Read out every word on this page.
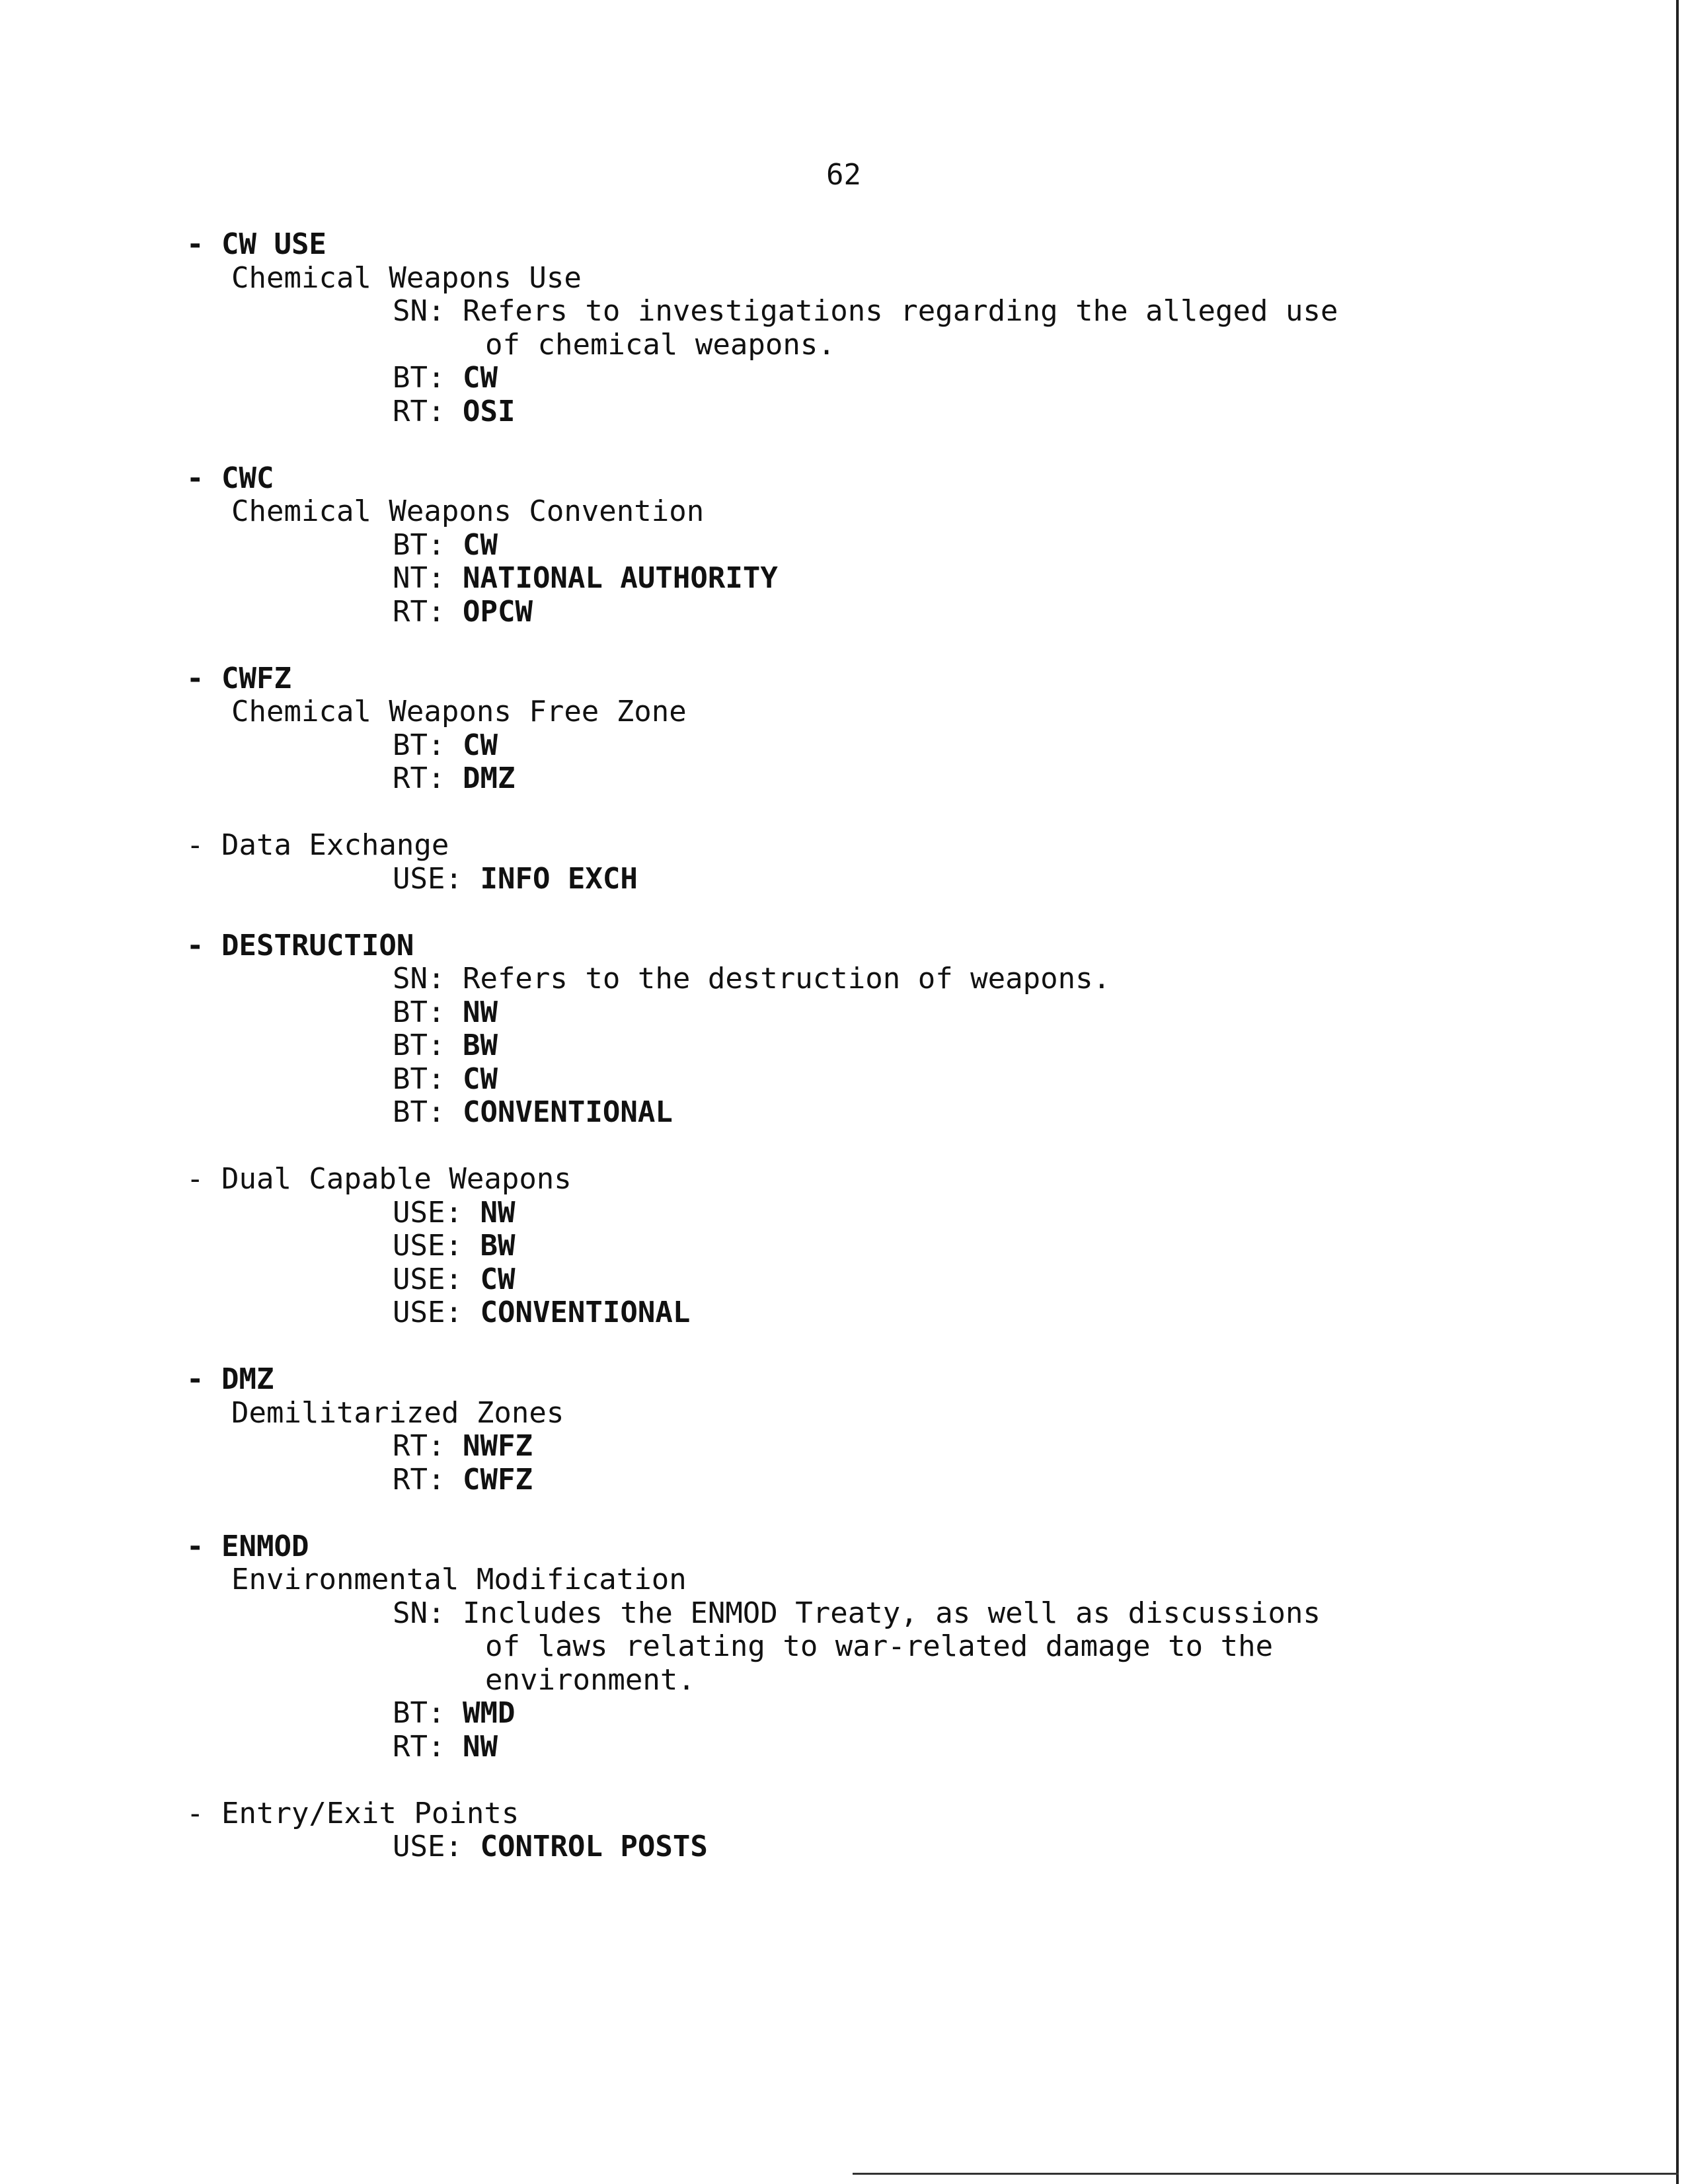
62
- CW USE
Chemical Weapons Use
SN: Refers to investigations regarding the alleged use
of chemical weapons.
BT: CW
RT: OSI
- CWC
Chemical Weapons Convention
BT: CW
NT: NATIONAL AUTHORITY
RT: OPCW
- CWFZ
Chemical Weapons Free Zone
BT: CW
RT: DMZ
- Data Exchange
USE: INFO EXCH
- DESTRUCTION
SN: Refers to the destruction of weapons.
BT: NW
BT: BW
BT: CW
BT: CONVENTIONAL
- Dual Capable Weapons
USE: NW
USE: BW
USE: CW
USE: CONVENTIONAL
- DMZ
Demilitarized Zones
RT: NWFZ
RT: CWFZ
- ENMOD
Environmental Modification
SN: Includes the ENMOD Treaty, as well as discussions
of laws relating to war-related damage to the
environment.
BT: WMD
RT: NW
- Entry/Exit Points
USE: CONTROL POSTS
